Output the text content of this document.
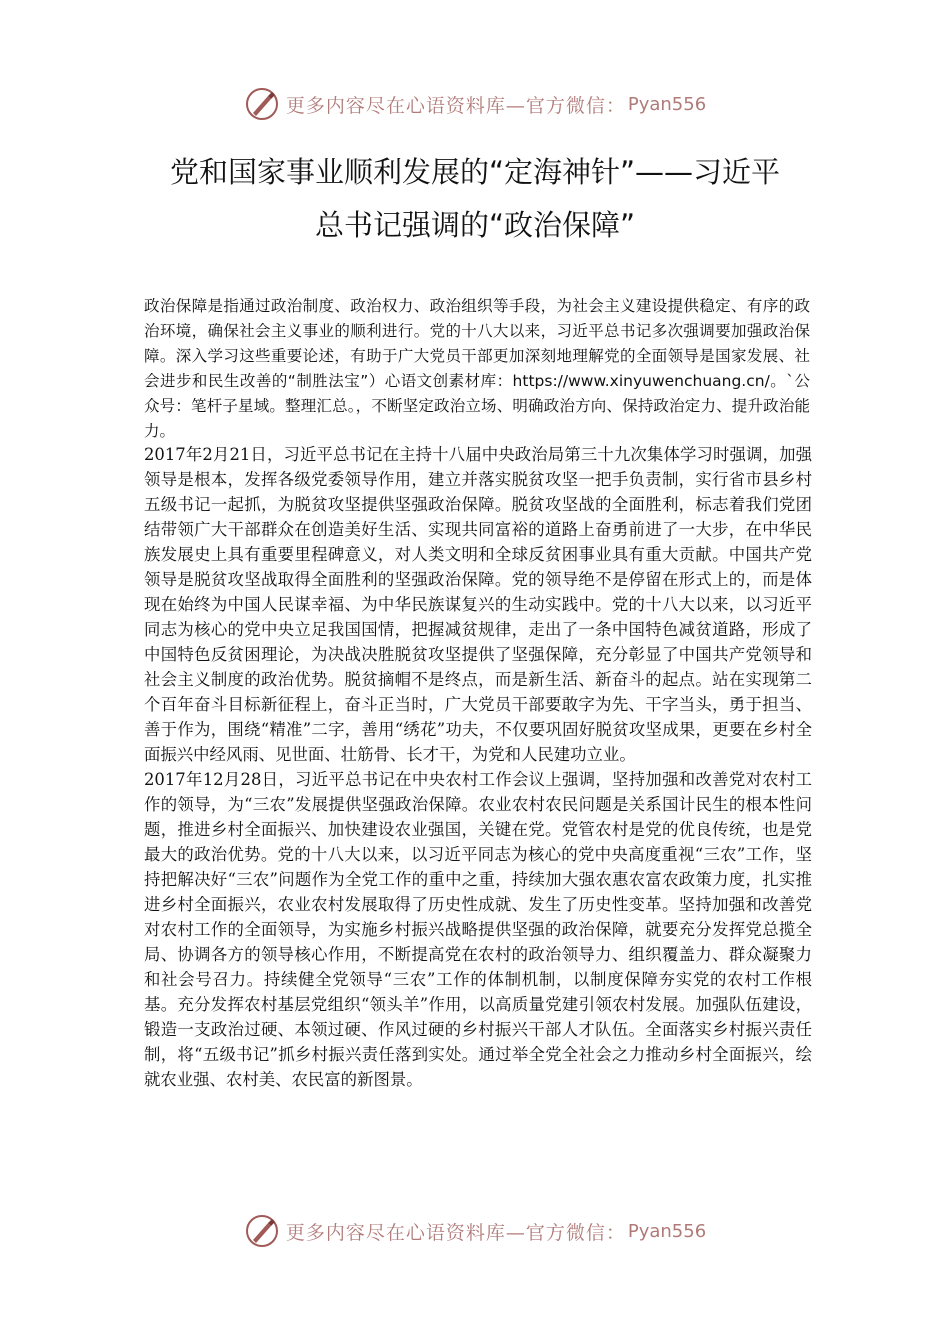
更多内容尽在心语资料库—官方微信： Pyan556
党和国家事业顺利发展的“定海神针”——习近平
总书记强调的“政治保障”

政治保障是指通过政治制度、政治权力、政治组织等手段，为社会主义建设提供稳定、有序的政治环境，确保社会主义事业的顺利进行。党的十八大以来，习近平总书记多次强调要加强政治保障。深入学习这些重要论述，有助于广大党员干部更加深刻地理解党的全面领导是国家发展、社会进步和民生改善的“制胜法宝”）心语文创素材库：https://www.xinyuwenchuang.cn/。`公众号：笔杆子星域。整理汇总。，不断坚定政治立场、明确政治方向、保持政治定力、提升政治能力。

2017年2月21日，习近平总书记在主持十八届中央政治局第三十九次集体学习时强调，加强领导是根本，发挥各级党委领导作用，建立并落实脱贫攻坚一把手负责制，实行省市县乡村五级书记一起抓，为脱贫攻坚提供坚强政治保障。脱贫攻坚战的全面胜利，标志着我们党团结带领广大干部群众在创造美好生活、实现共同富裕的道路上奋勇前进了一大步，在中华民族发展史上具有重要里程碑意义，对人类文明和全球反贫困事业具有重大贡献。中国共产党领导是脱贫攻坚战取得全面胜利的坚强政治保障。党的领导绝不是停留在形式上的，而是体现在始终为中国人民谋幸福、为中华民族谋复兴的生动实践中。党的十八大以来，以习近平同志为核心的党中央立足我国国情，把握减贫规律，走出了一条中国特色减贫道路，形成了中国特色反贫困理论，为决战决胜脱贫攻坚提供了坚强保障，充分彰显了中国共产党领导和社会主义制度的政治优势。脱贫摘帽不是终点，而是新生活、新奋斗的起点。站在实现第二个百年奋斗目标新征程上，奋斗正当时，广大党员干部要敢字为先、干字当头，勇于担当、善于作为，围绕“精准”二字，善用“绣花”功夫，不仅要巩固好脱贫攻坚成果，更要在乡村全面振兴中经风雨、见世面、壮筋骨、长才干，为党和人民建功立业。

2017年12月28日，习近平总书记在中央农村工作会议上强调，坚持加强和改善党对农村工作的领导，为“三农”发展提供坚强政治保障。农业农村农民问题是关系国计民生的根本性问题，推进乡村全面振兴、加快建设农业强国，关键在党。党管农村是党的优良传统，也是党最大的政治优势。党的十八大以来，以习近平同志为核心的党中央高度重视“三农”工作，坚持把解决好“三农”问题作为全党工作的重中之重，持续加大强农惠农富农政策力度，扎实推进乡村全面振兴，农业农村发展取得了历史性成就、发生了历史性变革。坚持加强和改善党对农村工作的全面领导，为实施乡村振兴战略提供坚强的政治保障，就要充分发挥党总揽全局、协调各方的领导核心作用，不断提高党在农村的政治领导力、组织覆盖力、群众凝聚力和社会号召力。持续健全党领导“三农”工作的体制机制，以制度保障夯实党的农村工作根基。充分发挥农村基层党组织“领头羊”作用，以高质量党建引领农村发展。加强队伍建设，锻造一支政治过硬、本领过硬、作风过硬的乡村振兴干部人才队伍。全面落实乡村振兴责任制，将“五级书记”抓乡村振兴责任落到实处。通过举全党全社会之力推动乡村全面振兴，绘就农业强、农村美、农民富的新图景。

更多内容尽在心语资料库—官方微信： Pyan556
